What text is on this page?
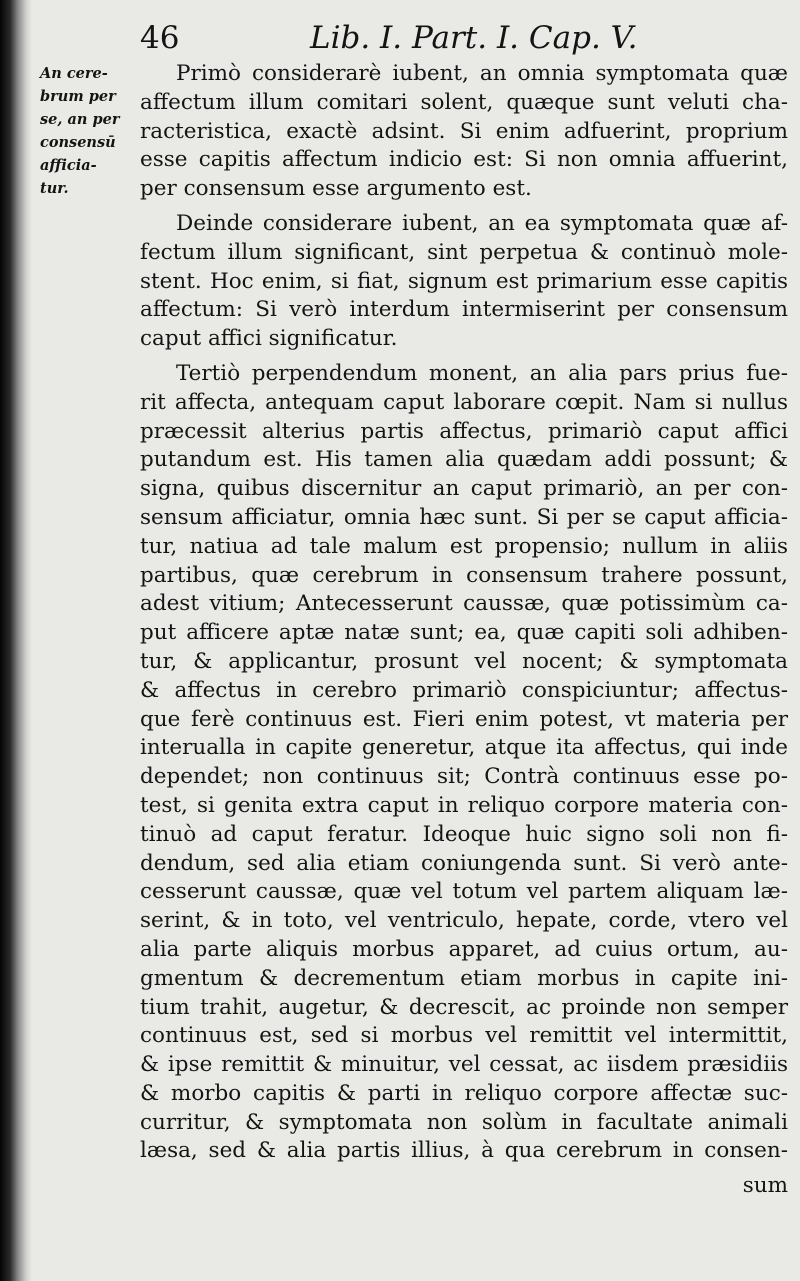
46	Lib. I. Part. I. Cap. V.
An cere-
brum per
se, an per
consensū
afficia-
tur.
Primò considerarè iubent, an omnia symptomata quæ
affectum illum comitari solent, quæque sunt veluti cha-
racteristica, exactè adsint. Si enim adfuerint, proprium
esse capitis affectum indicio est: Si non omnia affuerint,
per consensum esse argumento est.
Deinde considerare iubent, an ea symptomata quæ af-
fectum illum significant, sint perpetua & continuò mole-
stent. Hoc enim, si fiat, signum est primarium esse capitis
affectum: Si verò interdum intermiserint per consensum
caput affici significatur.
Tertiò perpendendum monent, an alia pars prius fue-
rit affecta, antequam caput laborare cœpit. Nam si nullus
præcessit alterius partis affectus, primariò caput affici
putandum est. His tamen alia quædam addi possunt; &
signa, quibus discernitur an caput primariò, an per con-
sensum afficiatur, omnia hæc sunt. Si per se caput afficia-
tur, natiua ad tale malum est propensio; nullum in aliis
partibus, quæ cerebrum in consensum trahere possunt,
adest vitium; Antecesserunt caussæ, quæ potissimùm ca-
put afficere aptæ natæ sunt; ea, quæ capiti soli adhiben-
tur, & applicantur, prosunt vel nocent; & symptomata
& affectus in cerebro primariò conspiciuntur; affectus-
que ferè continuus est. Fieri enim potest, vt materia per
interualla in capite generetur, atque ita affectus, qui inde
dependet; non continuus sit; Contrà continuus esse po-
test, si genita extra caput in reliquo corpore materia con-
tinuò ad caput feratur. Ideoque huic signo soli non fi-
dendum, sed alia etiam coniungenda sunt. Si verò ante-
cesserunt caussæ, quæ vel totum vel partem aliquam læ-
serint, & in toto, vel ventriculo, hepate, corde, vtero vel
alia parte aliquis morbus apparet, ad cuius ortum, au-
gmentum & decrementum etiam morbus in capite ini-
tium trahit, augetur, & decrescit, ac proinde non semper
continuus est, sed si morbus vel remittit vel intermittit,
& ipse remittit & minuitur, vel cessat, ac iisdem præsidiis
& morbo capitis & parti in reliquo corpore affectæ suc-
curritur, & symptomata non solùm in facultate animali
læsa, sed & alia partis illius, à qua cerebrum in consen-
sum
